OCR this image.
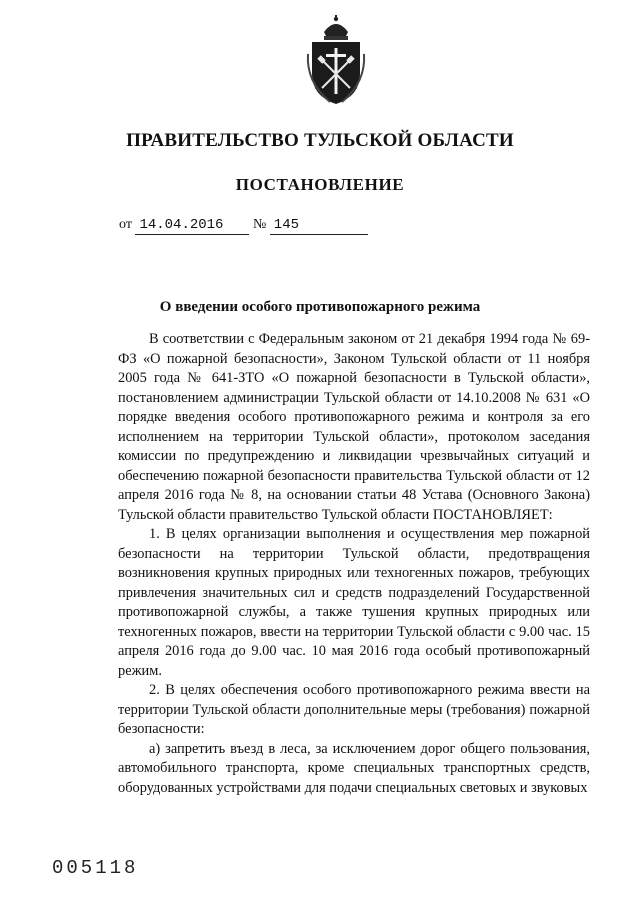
ПРАВИТЕЛЬСТВО ТУЛЬСКОЙ ОБЛАСТИ
ПОСТАНОВЛЕНИЕ
от 14.04.2016 № 145
О введении особого противопожарного режима

В соответствии с Федеральным законом от 21 декабря 1994 года № 69-ФЗ «О пожарной безопасности», Законом Тульской области от 11 ноября 2005 года № 641-ЗТО «О пожарной безопасности в Тульской области», постановлением администрации Тульской области от 14.10.2008 № 631 «О порядке введения особого противопожарного режима и контроля за его исполнением на территории Тульской области», протоколом заседания комиссии по предупреждению и ликвидации чрезвычайных ситуаций и обеспечению пожарной безопасности правительства Тульской области от 12 апреля 2016 года № 8, на основании статьи 48 Устава (Основного Закона) Тульской области правительство Тульской области ПОСТАНОВЛЯЕТ:

1. В целях организации выполнения и осуществления мер пожарной безопасности на территории Тульской области, предотвращения возникновения крупных природных или техногенных пожаров, требующих привлечения значительных сил и средств подразделений Государственной противопожарной службы, а также тушения крупных природных или техногенных пожаров, ввести на территории Тульской области с 9.00 час. 15 апреля 2016 года до 9.00 час. 10 мая 2016 года особый противопожарный режим.

2. В целях обеспечения особого противопожарного режима ввести на территории Тульской области дополнительные меры (требования) пожарной безопасности:

а) запретить въезд в леса, за исключением дорог общего пользования, автомобильного транспорта, кроме специальных транспортных средств, оборудованных устройствами для подачи специальных световых и звуковых

005118
